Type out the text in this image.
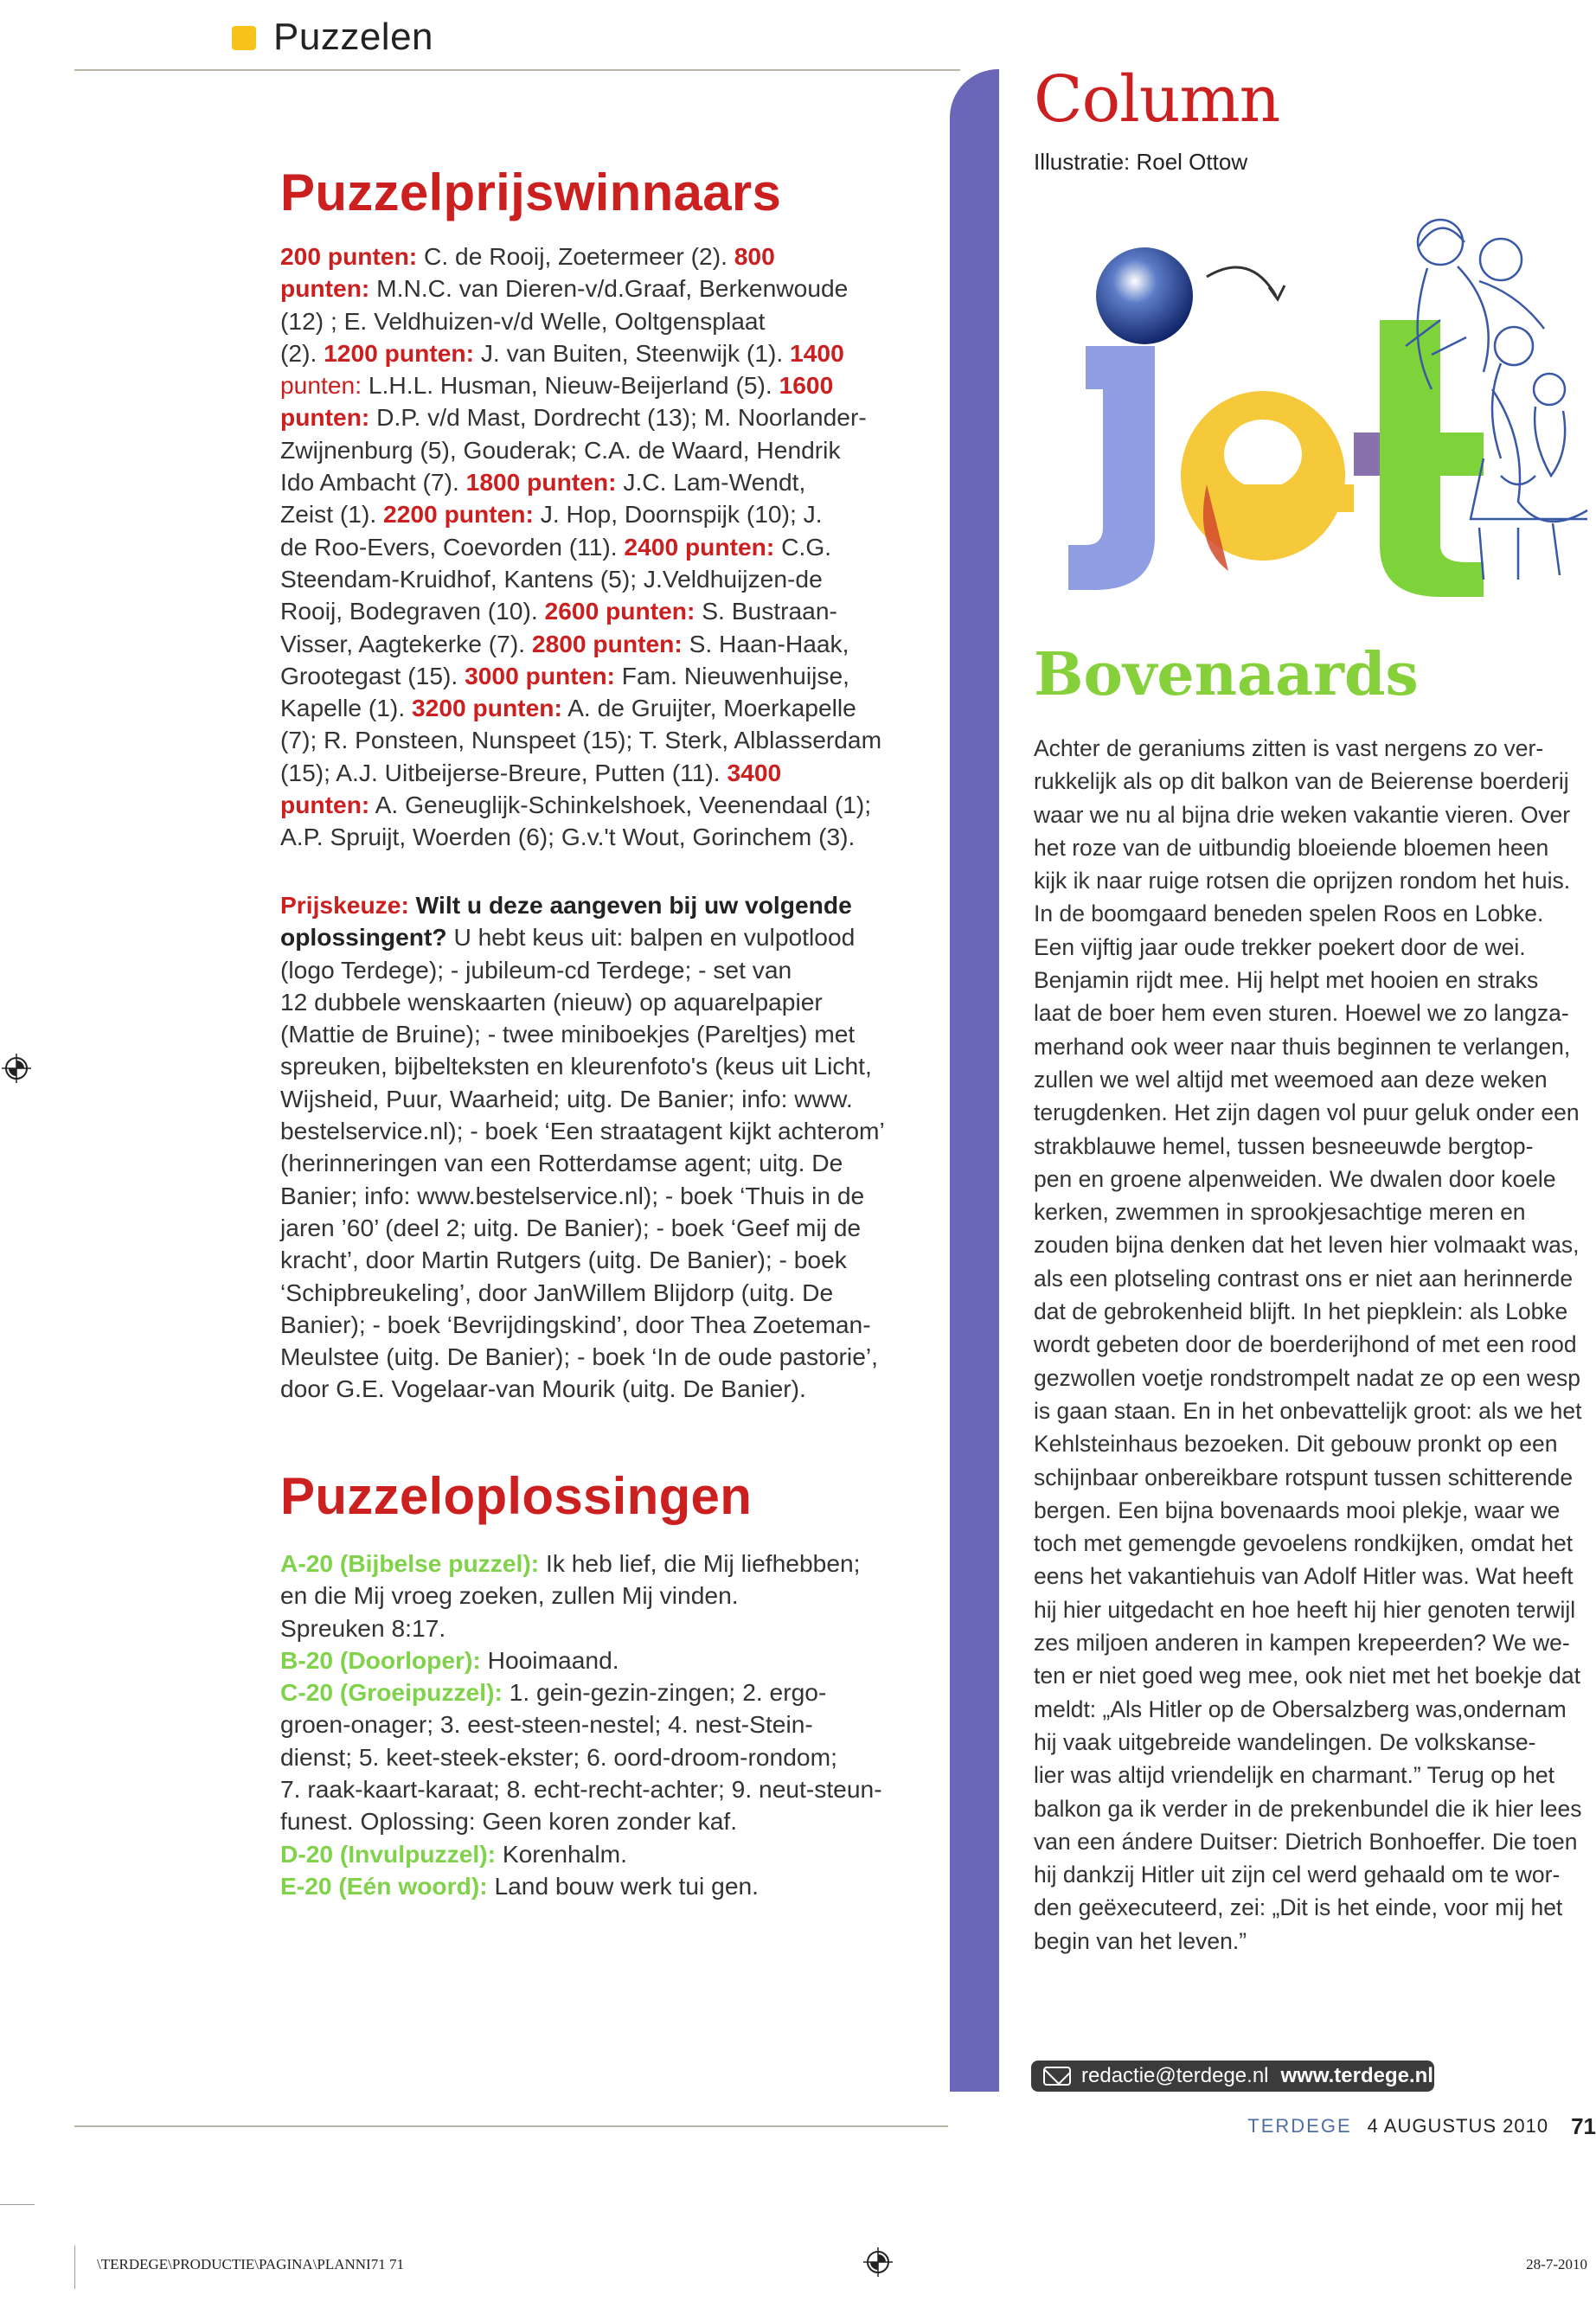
Puzzelen
Puzzelprijswinnaars
200 punten: C. de Rooij, Zoetermeer (2). 800
punten: M.N.C. van Dieren-v/d.Graaf, Berkenwoude
(12) ; E. Veldhuizen-v/d Welle, Ooltgensplaat
(2). 1200 punten: J. van Buiten, Steenwijk (1). 1400
punten: L.H.L. Husman, Nieuw-Beijerland (5). 1600
punten: D.P. v/d Mast, Dordrecht (13); M. Noorlander-
Zwijnenburg (5), Gouderak; C.A. de Waard, Hendrik
Ido Ambacht (7). 1800 punten: J.C. Lam-Wendt,
Zeist (1). 2200 punten: J. Hop, Doornspijk (10); J.
de Roo-Evers, Coevorden (11). 2400 punten: C.G.
Steendam-Kruidhof, Kantens (5); J.Veldhuijzen-de
Rooij, Bodegraven (10). 2600 punten: S. Bustraan-
Visser, Aagtekerke (7). 2800 punten: S. Haan-Haak,
Grootegast (15). 3000 punten: Fam. Nieuwenhuijse,
Kapelle (1). 3200 punten: A. de Gruijter, Moerkapelle
(7); R. Ponsteen, Nunspeet (15); T. Sterk, Alblasserdam
(15); A.J. Uitbeijerse-Breure, Putten (11). 3400
punten: A. Geneuglijk-Schinkelshoek, Veenendaal (1);
A.P. Spruijt, Woerden (6); G.v.'t Wout, Gorinchem (3).
Prijskeuze: Wilt u deze aangeven bij uw volgende
oplossingent? U hebt keus uit: balpen en vulpotlood
(logo Terdege); - jubileum-cd Terdege; - set van
12 dubbele wenskaarten (nieuw) op aquarelpapier
(Mattie de Bruine); - twee miniboekjes (Pareltjes) met
spreuken, bijbelteksten en kleurenfoto's (keus uit Licht,
Wijsheid, Puur, Waarheid; uitg. De Banier; info: www.
bestelservice.nl); - boek ‘Een straatagent kijkt achterom’
(herinneringen van een Rotterdamse agent; uitg. De
Banier; info: www.bestelservice.nl); - boek ‘Thuis in de
jaren ’60’ (deel 2; uitg. De Banier); - boek ‘Geef mij de
kracht’, door Martin Rutgers (uitg. De Banier); - boek
‘Schipbreukeling’, door JanWillem Blijdorp (uitg. De
Banier); - boek ‘Bevrijdingskind’, door Thea Zoeteman-
Meulstee (uitg. De Banier); - boek ‘In de oude pastorie’,
door G.E. Vogelaar-van Mourik (uitg. De Banier).
Puzzeloplossingen
A-20 (Bijbelse puzzel): Ik heb lief, die Mij liefhebben;
en die Mij vroeg zoeken, zullen Mij vinden.
Spreuken 8:17.
B-20 (Doorloper): Hooimaand.
C-20 (Groeipuzzel): 1. gein-gezin-zingen; 2. ergo-
groen-onager; 3. eest-steen-nestel; 4. nest-Stein-
dienst; 5. keet-steek-ekster; 6. oord-droom-rondom;
7. raak-kaart-karaat; 8. echt-recht-achter; 9. neut-steun-
funest. Oplossing: Geen koren zonder kaf.
D-20 (Invulpuzzel): Korenhalm.
E-20 (Eén woord): Land bouw werk tui gen.
Column
Illustratie: Roel Ottow
Bovenaards
Achter de geraniums zitten is vast nergens zo ver-
rukkelijk als op dit balkon van de Beierense boerderij
waar we nu al bijna drie weken vakantie vieren. Over
het roze van de uitbundig bloeiende bloemen heen
kijk ik naar ruige rotsen die oprijzen rondom het huis.
In de boomgaard beneden spelen Roos en Lobke.
Een vijftig jaar oude trekker poekert door de wei.
Benjamin rijdt mee. Hij helpt met hooien en straks
laat de boer hem even sturen. Hoewel we zo langza-
merhand ook weer naar thuis beginnen te verlangen,
zullen we wel altijd met weemoed aan deze weken
terugdenken. Het zijn dagen vol puur geluk onder een
strakblauwe hemel, tussen besneeuwde bergtop-
pen en groene alpenweiden. We dwalen door koele
kerken, zwemmen in sprookjesachtige meren en
zouden bijna denken dat het leven hier volmaakt was,
als een plotseling contrast ons er niet aan herinnerde
dat de gebrokenheid blijft. In het piepklein: als Lobke
wordt gebeten door de boerderijhond of met een rood
gezwollen voetje rondstrompelt nadat ze op een wesp
is gaan staan. En in het onbevattelijk groot: als we het
Kehlsteinhaus bezoeken. Dit gebouw pronkt op een
schijnbaar onbereikbare rotspunt tussen schitterende
bergen. Een bijna bovenaards mooi plekje, waar we
toch met gemengde gevoelens rondkijken, omdat het
eens het vakantiehuis van Adolf Hitler was. Wat heeft
hij hier uitgedacht en hoe heeft hij hier genoten terwijl
zes miljoen anderen in kampen krepeerden? We we-
ten er niet goed weg mee, ook niet met het boekje dat
meldt: „Als Hitler op de Obersalzberg was,ondernam
hij vaak uitgebreide wandelingen. De volkskanse-
lier was altijd vriendelijk en charmant.” Terug op het
balkon ga ik verder in de prekenbundel die ik hier lees
van een ándere Duitser: Dietrich Bonhoeffer. Die toen
hij dankzij Hitler uit zijn cel werd gehaald om te wor-
den geëxecuteerd, zei: „Dit is het einde, voor mij het
begin van het leven.”
redactie@terdege.nl www.terdege.nl
TERDEGE 4 AUGUSTUS 2010 71
\TERDEGE\PRODUCTIE\PAGINA\PLANNI71 71	28-7-2010
